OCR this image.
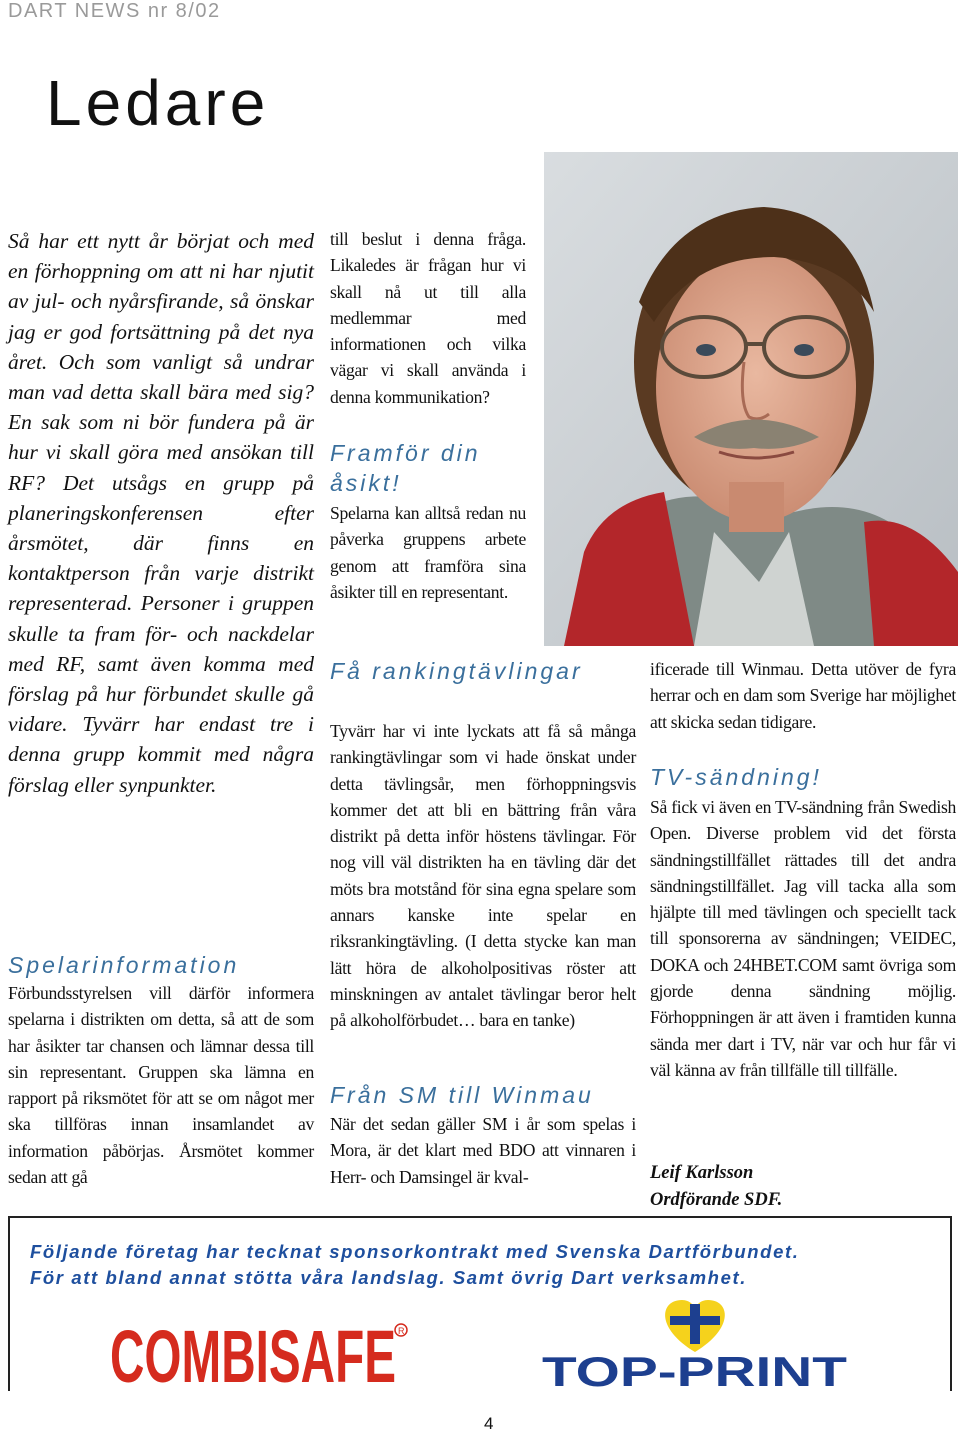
DART NEWS nr 8/02
Ledare

Så har ett nytt år börjat och med en förhoppning om att ni har njutit av jul- och nyårsfirande, så önskar jag er god fortsättning på det nya året. Och som vanligt så undrar man vad detta skall bära med sig? En sak som ni bör fundera på är hur vi skall göra med ansökan till RF? Det utsågs en grupp på planeringskonferensen efter årsmötet, där finns en kontaktperson från varje distrikt representerad. Personer i gruppen skulle ta fram för- och nackdelar med RF, samt även komma med förslag på hur förbundet skulle gå vidare. Tyvärr har endast tre i denna grupp kommit med några förslag eller synpunkter.

Spelarinformation

Förbundsstyrelsen vill därför informera spelarna i distrikten om detta, så att de som har åsikter tar chansen och lämnar dessa till sin representant. Gruppen ska lämna en rapport på riksmötet för att se om något mer ska tillföras innan insamlandet av information påbörjas. Årsmötet kommer sedan att gå

till beslut i denna fråga. Likaledes är frågan hur vi skall nå ut till alla medlemmar med informationen och vilka vägar vi skall använda i denna kommunikation?

Framför din åsikt!

Spelarna kan alltså redan nu påverka gruppens arbete genom att framföra sina åsikter till en representant.

Få rankingtävlingar

Tyvärr har vi inte lyckats att få så många rankingtävlingar som vi hade önskat under detta tävlingsår, men förhoppningsvis kommer det att bli en bättring från våra distrikt på detta inför höstens tävlingar. För nog vill väl distrikten ha en tävling där det möts bra motstånd för sina egna spelare som annars kanske inte spelar en riksrankingtävling. (I detta stycke kan man lätt höra de alkoholpositivas röster att minskningen av antalet tävlingar beror helt på alkoholförbudet… bara en tanke)

Från SM till Winmau

När det sedan gäller SM i år som spelas i Mora, är det klart med BDO att vinnaren i Herr- och Damsingel är kval-

ificerade till Winmau. Detta utöver de fyra herrar och en dam som Sverige har möjlighet att skicka sedan tidigare.

TV-sändning!

Så fick vi även en TV-sändning från Swedish Open. Diverse problem vid det första sändningstillfället rättades till det andra sändningstillfället. Jag vill tacka alla som hjälpte till med tävlingen och speciellt tack till sponsorerna av sändningen; VEIDEC, DOKA och 24HBET.COM samt övriga som gjorde denna sändning möjlig. Förhoppningen är att även i framtiden kunna sända mer dart i TV, när var och hur får vi väl känna av från tillfälle till tillfälle.

Leif Karlsson
Ordförande SDF.
Följande företag har tecknat sponsorkontrakt med Svenska Dartförbundet.
För att bland annat stötta våra landslag. Samt övrig Dart verksamhet.
COMBISAFE R
TOP-PRINT
4
